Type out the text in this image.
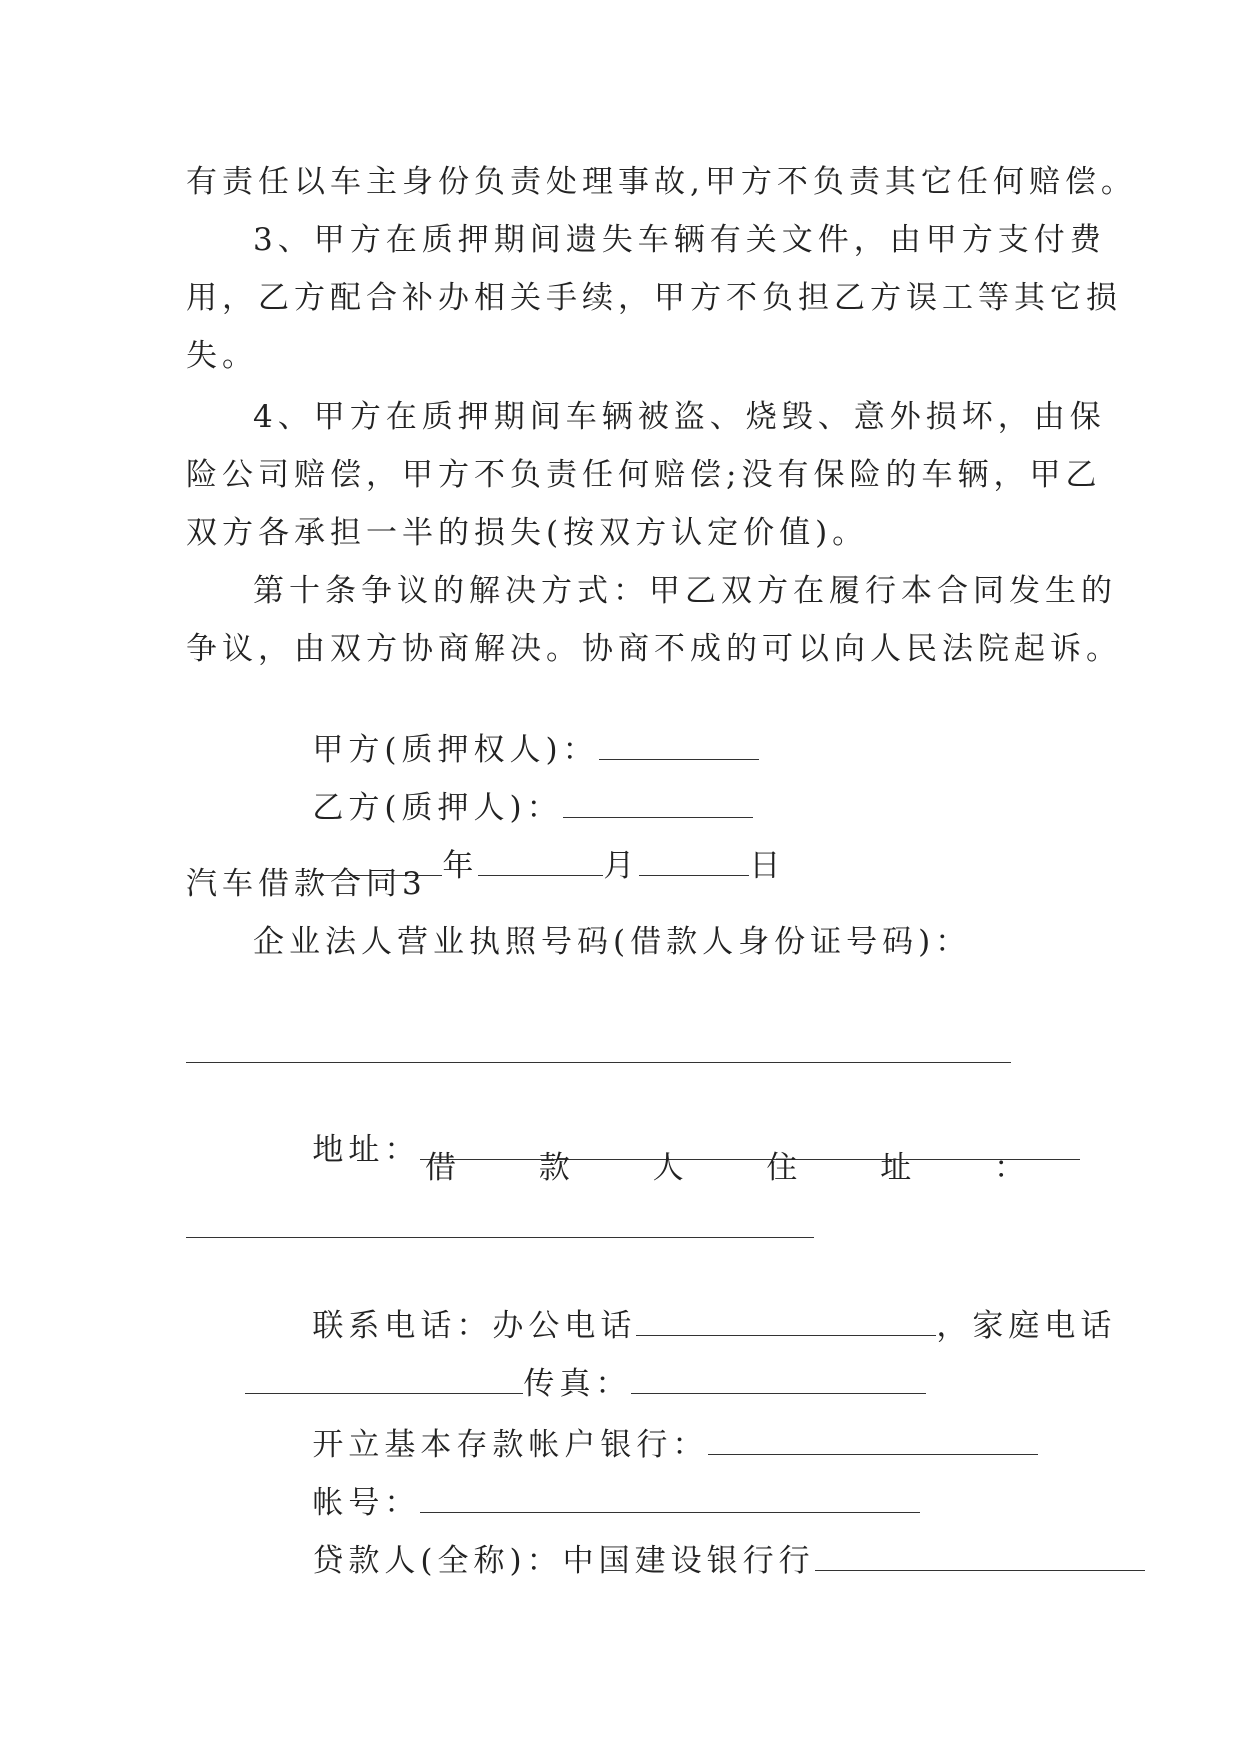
有责任以车主身份负责处理事故,甲方不负责其它任何赔偿。
3、甲方在质押期间遗失车辆有关文件，由甲方支付费
用，乙方配合补办相关手续，甲方不负担乙方误工等其它损
失。
4、甲方在质押期间车辆被盗、烧毁、意外损坏，由保
险公司赔偿，甲方不负责任何赔偿;没有保险的车辆，甲乙
双方各承担一半的损失(按双方认定价值)。
第十条争议的解决方式：甲乙双方在履行本合同发生的
争议，由双方协商解决。协商不成的可以向人民法院起诉。

甲方(质押权人)：

乙方(质押人)：

年	月	日

汽车借款合同3
企业法人营业执照号码(借款人身份证号码)：

地址：
借	款	人	住	址	：

联系电话：办公电话	，家庭电话

传真：

开立基本存款帐户银行：

帐号：

贷款人(全称)：中国建设银行行
